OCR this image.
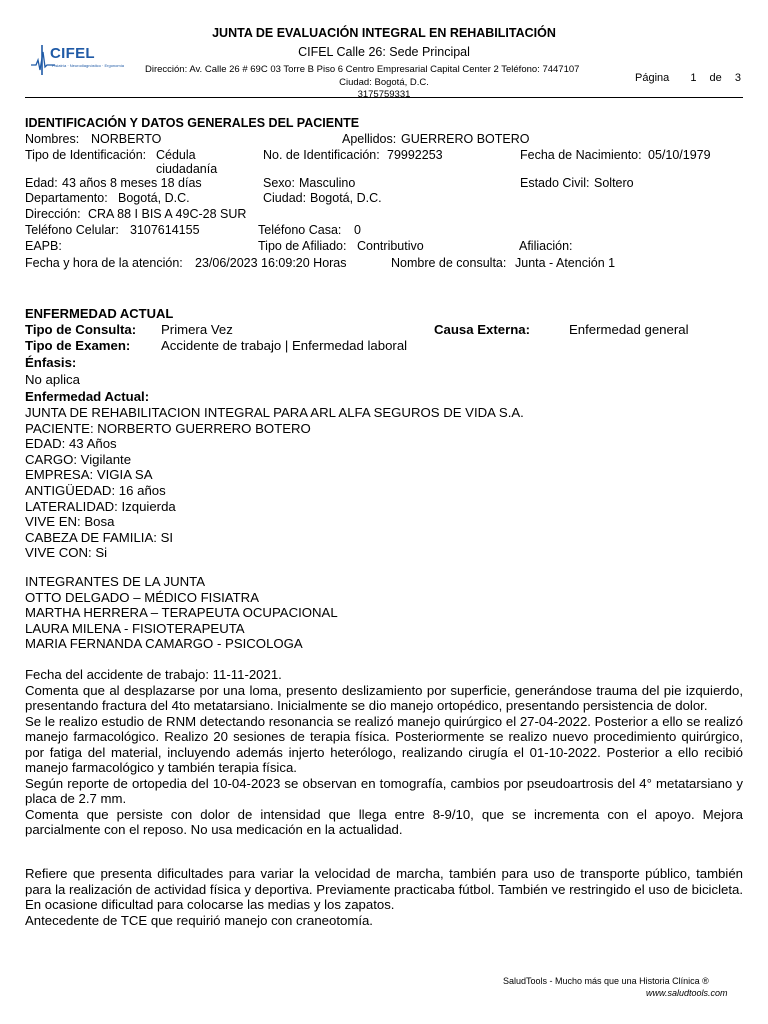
CIFEL
Fisiatría · Neurodiagnóstico · Ergonomía
JUNTA DE EVALUACIÓN INTEGRAL EN REHABILITACIÓN
CIFEL Calle 26: Sede Principal
Dirección: Av. Calle 26 # 69C 03 Torre B Piso 6 Centro Empresarial Capital Center 2 Teléfono: 7447107
Ciudad: Bogotá, D.C.
3175759331
Página 1 de 3
IDENTIFICACIÓN Y DATOS GENERALES DEL PACIENTE
Nombres: NORBERTO	Apellidos: GUERRERO BOTERO
Tipo de Identificación: Cédula
ciudadanía
No. de Identificación: 79992253	Fecha de Nacimiento: 05/10/1979
Edad: 43 años 8 meses 18 días	Sexo: Masculino	Estado Civil: Soltero
Departamento: Bogotá, D.C.	Ciudad: Bogotá, D.C.
Dirección: CRA 88 I BIS A 49C-28 SUR
Teléfono Celular: 3107614155	Teléfono Casa: 0
EAPB:	Tipo de Afiliado: Contributivo	Afiliación:
Fecha y hora de la atención: 23/06/2023 16:09:20 Horas	Nombre de consulta: Junta - Atención 1
ENFERMEDAD ACTUAL
Tipo de Consulta: Primera Vez	Causa Externa:	Enfermedad general
Tipo de Examen: Accidente de trabajo | Enfermedad laboral
Énfasis:
No aplica
Enfermedad Actual:
JUNTA DE REHABILITACION INTEGRAL PARA ARL ALFA SEGUROS DE VIDA S.A.
PACIENTE: NORBERTO GUERRERO BOTERO
EDAD: 43 Años
CARGO: Vigilante
EMPRESA: VIGIA SA
ANTIGÜEDAD: 16 años
LATERALIDAD: Izquierda
VIVE EN: Bosa
CABEZA DE FAMILIA: SI
VIVE CON: Si
INTEGRANTES DE LA JUNTA
OTTO DELGADO – MÉDICO FISIATRA
MARTHA HERRERA – TERAPEUTA OCUPACIONAL
LAURA MILENA - FISIOTERAPEUTA
MARIA FERNANDA CAMARGO - PSICOLOGA

Fecha del accidente de trabajo: 11-11-2021.

Comenta que al desplazarse por una loma, presento deslizamiento por superficie, generándose trauma del pie izquierdo, presentando fractura del 4to metatarsiano. Inicialmente se dio manejo ortopédico, presentando persistencia de dolor.

Se le realizo estudio de RNM detectando resonancia se realizó manejo quirúrgico el 27-04-2022. Posterior a ello se realizó manejo farmacológico. Realizo 20 sesiones de terapia física. Posteriormente se realizo nuevo procedimiento quirúrgico, por fatiga del material, incluyendo además injerto heterólogo, realizando cirugía el 01-10-2022. Posterior a ello recibió manejo farmacológico y también terapia física.

Según reporte de ortopedia del 10-04-2023 se observan en tomografía, cambios por pseudoartrosis del 4° metatarsiano y placa de 2.7 mm.

Comenta que persiste con dolor de intensidad que llega entre 8-9/10, que se incrementa con el apoyo. Mejora parcialmente con el reposo. No usa medicación en la actualidad.

Refiere que presenta dificultades para variar la velocidad de marcha, también para uso de transporte público, también para la realización de actividad física y deportiva. Previamente practicaba fútbol. También ve restringido el uso de bicicleta. En ocasione dificultad para colocarse las medias y los zapatos.

Antecedente de TCE que requirió manejo con craneotomía.

SaludTools - Mucho más que una Historia Clínica ®
www.saludtools.com
